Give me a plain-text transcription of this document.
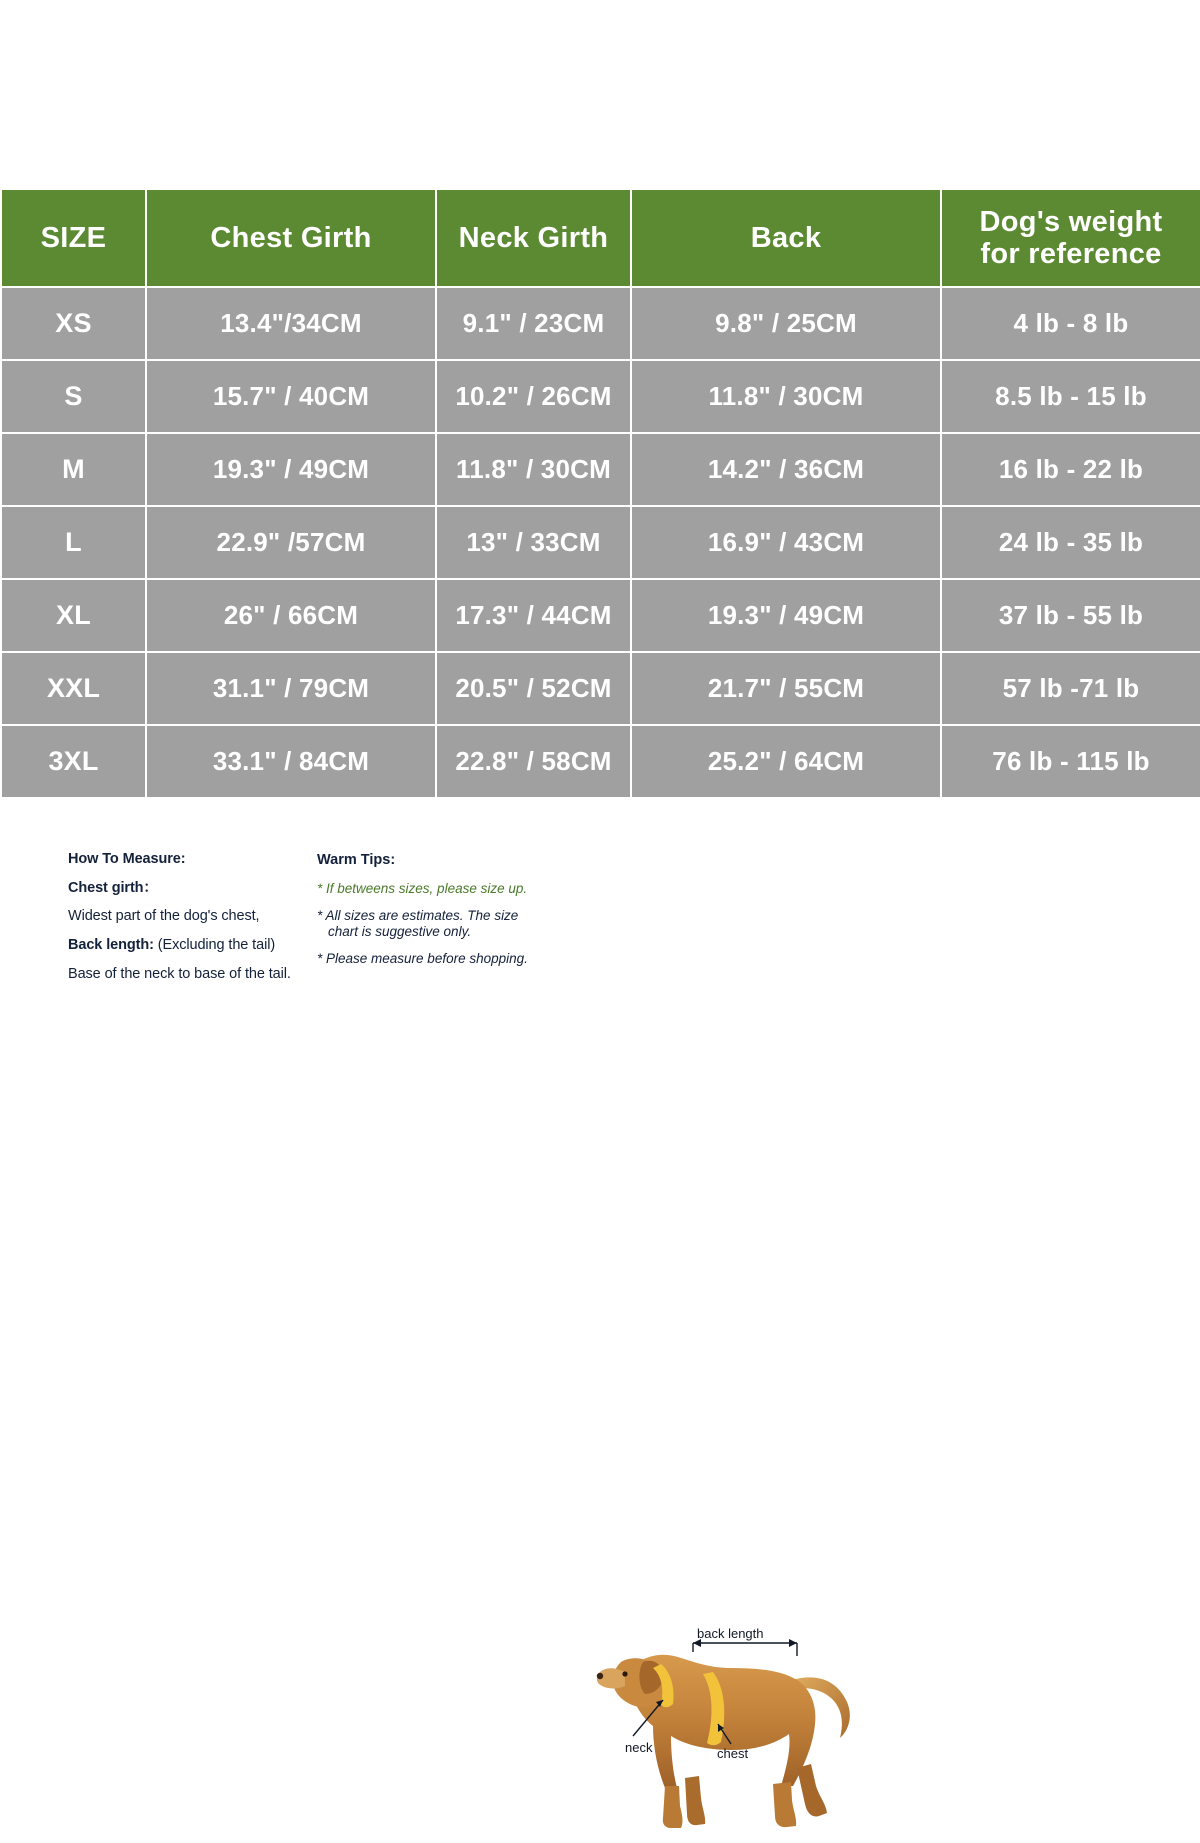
SIZE	Chest Girth	Neck Girth	Back	Dog's weight
for reference
XS	13.4"/34CM	9.1" / 23CM	9.8" / 25CM	4 lb - 8 lb
S	15.7" / 40CM	10.2" / 26CM	11.8" / 30CM	8.5 lb - 15 lb
M	19.3" / 49CM	11.8" / 30CM	14.2" / 36CM	16 lb - 22 lb
L	22.9" /57CM	13" / 33CM	16.9" / 43CM	24 lb - 35 lb
XL	26" / 66CM	17.3" / 44CM	19.3" / 49CM	37 lb - 55 lb
XXL	31.1" / 79CM	20.5" / 52CM	21.7" / 55CM	57 lb -71 lb
3XL	33.1" / 84CM	22.8" / 58CM	25.2" / 64CM	76 lb - 115 lb
How To Measure:
Chest girth：
Widest part of the dog's chest,
Back length: (Excluding the tail)
Base of the neck to base of the tail.
Warm Tips:
* If betweens sizes, please size up.
* All sizes are estimates. The size
chart is suggestive only.
* Please measure before shopping.
back length
neck	chest
